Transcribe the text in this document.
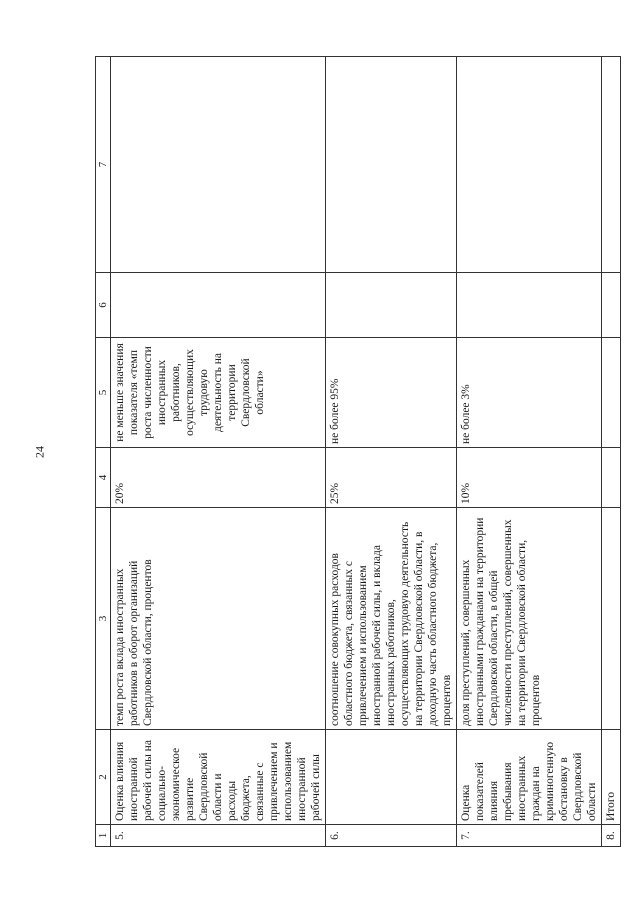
24
1	2	3	4	5	6	7
5.	Оценка влияния иностранной рабочей силы на социально-экономическое развитие Свердловской области и расходы бюджета, связанные с привлечением и использованием иностранной рабочей силы	темп роста вклада иностранных работников в оборот организаций Свердловской области, процентов	20%	не меньше значения показателя «темп роста численности иностранных работников, осуществляющих трудовую деятельность на территории Свердловской области»		
6.		соотношение совокупных расходов областного бюджета, связанных с привлечением и использованием иностранной рабочей силы, и вклада иностранных работников, осуществляющих трудовую деятельность на территории Свердловской области, в доходную часть областного бюджета, процентов	25%	не более 95%		
7.	Оценка показателей влияния пребывания иностранных граждан на криминогенную обстановку в Свердловской области	доля преступлений, совершенных иностранными гражданами на территории Свердловской области, в общей численности преступлений, совершенных на территории Свердловской области, процентов	10%	не более 3%		
8.	Итого					
